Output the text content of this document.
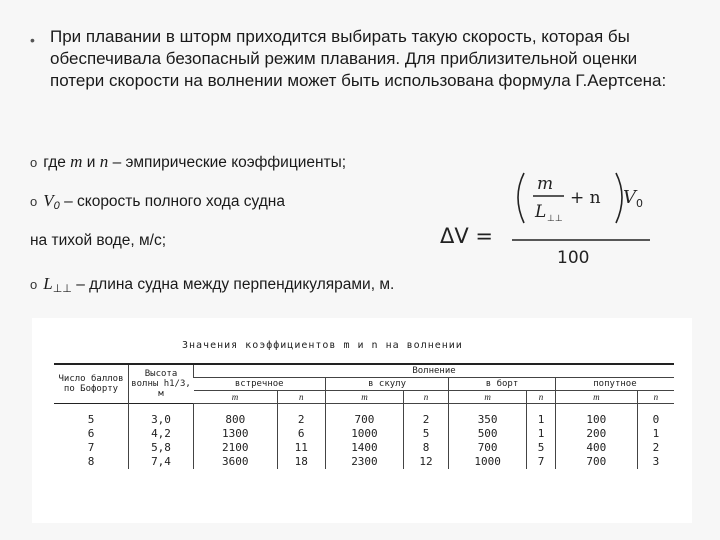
• При плавании в шторм приходится выбирать такую скорость, которая бы обеспечивала безопасный режим плавания. Для приблизительной оценки потери скорости на волнении может быть использована формула Г.Аертсена:
o где m и n – эмпирические коэффициенты;
o V0 – скорость полного хода судна
на тихой воде, м/с;
o L⊥⊥ – длина судна между перпендикулярами, м.
ΔV =
m
L ⊥⊥
+ n V 0
100
Значения коэффициентов m и n на волнении
Число баллов по Бофорту	Высота волны h1/3, м	Волнение							
		встречное		в скулу		в борт		попутное	
		m	n	m	n	m	n	m	n
5	3,0	800	2	700	2	350	1	100	0
6	4,2	1300	6	1000	5	500	1	200	1
7	5,8	2100	11	1400	8	700	5	400	2
8	7,4	3600	18	2300	12	1000	7	700	3
